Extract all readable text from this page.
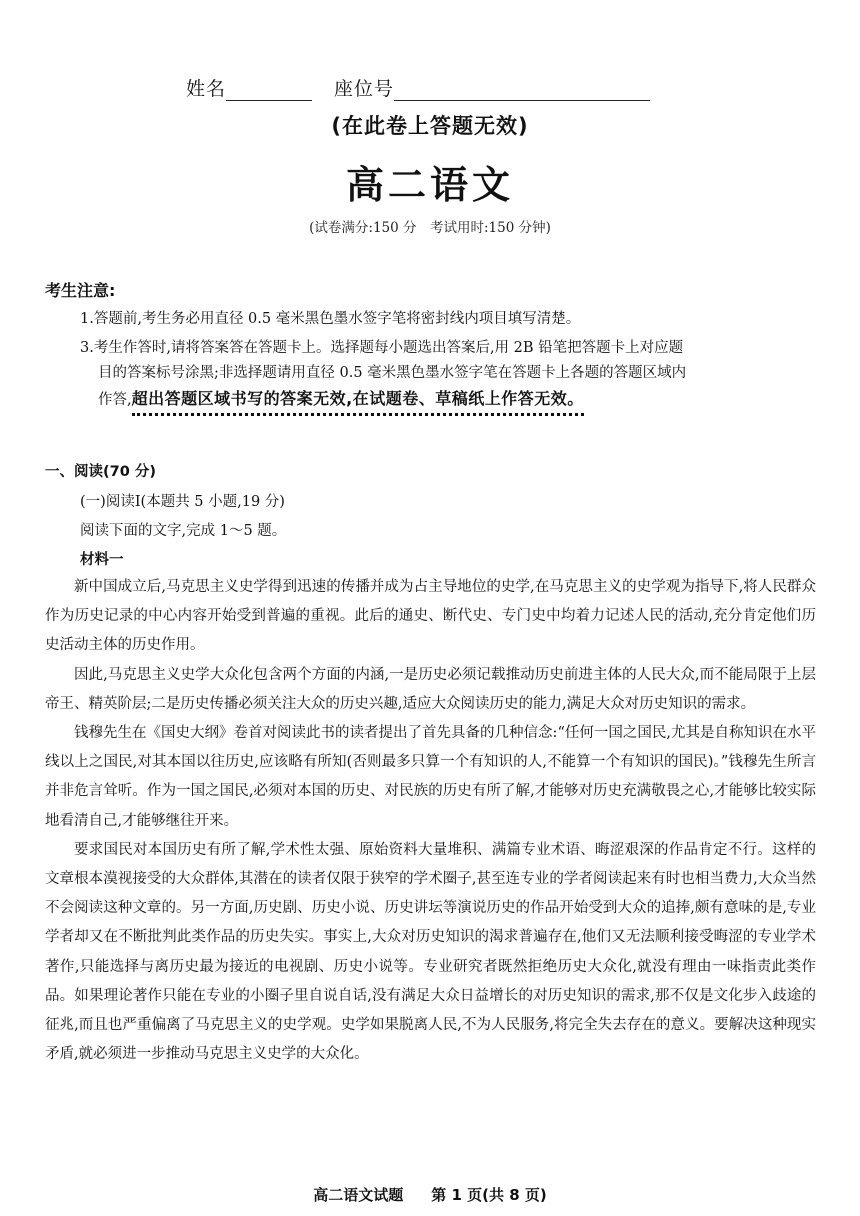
姓名	座位号
(在此卷上答题无效)
高二语文
(试卷满分:150 分　考试用时:150 分钟)
考生注意:
1.答题前,考生务必用直径 0.5 毫米黑色墨水签字笔将密封线内项目填写清楚。
3.考生作答时,请将答案答在答题卡上。选择题每小题选出答案后,用 2B 铅笔把答题卡上对应题
目的答案标号涂黑;非选择题请用直径 0.5 毫米黑色墨水签字笔在答题卡上各题的答题区域内
作答,超出答题区域书写的答案无效,在试题卷、草稿纸上作答无效。
一、阅读(70 分)
(一)阅读Ⅰ(本题共 5 小题,19 分)
阅读下面的文字,完成 1～5 题。
材料一

新中国成立后,马克思主义史学得到迅速的传播并成为占主导地位的史学,在马克思主义的史学观为指导下,将人民群众作为历史记录的中心内容开始受到普遍的重视。此后的通史、断代史、专门史中均着力记述人民的活动,充分肯定他们历史活动主体的历史作用。

因此,马克思主义史学大众化包含两个方面的内涵,一是历史必须记载推动历史前进主体的人民大众,而不能局限于上层帝王、精英阶层;二是历史传播必须关注大众的历史兴趣,适应大众阅读历史的能力,满足大众对历史知识的需求。

钱穆先生在《国史大纲》卷首对阅读此书的读者提出了首先具备的几种信念:“任何一国之国民,尤其是自称知识在水平线以上之国民,对其本国以往历史,应该略有所知(否则最多只算一个有知识的人,不能算一个有知识的国民)。”钱穆先生所言并非危言耸听。作为一国之国民,必须对本国的历史、对民族的历史有所了解,才能够对历史充满敬畏之心,才能够比较实际地看清自己,才能够继往开来。

要求国民对本国历史有所了解,学术性太强、原始资料大量堆积、满篇专业术语、晦涩艰深的作品肯定不行。这样的文章根本漠视接受的大众群体,其潜在的读者仅限于狭窄的学术圈子,甚至连专业的学者阅读起来有时也相当费力,大众当然不会阅读这种文章的。另一方面,历史剧、历史小说、历史讲坛等演说历史的作品开始受到大众的追捧,颇有意味的是,专业学者却又在不断批判此类作品的历史失实。事实上,大众对历史知识的渴求普遍存在,他们又无法顺利接受晦涩的专业学术著作,只能选择与离历史最为接近的电视剧、历史小说等。专业研究者既然拒绝历史大众化,就没有理由一味指责此类作品。如果理论著作只能在专业的小圈子里自说自话,没有满足大众日益增长的对历史知识的需求,那不仅是文化步入歧途的征兆,而且也严重偏离了马克思主义的史学观。史学如果脱离人民,不为人民服务,将完全失去存在的意义。要解决这种现实矛盾,就必须进一步推动马克思主义史学的大众化。

高二语文试题 第 1 页(共 8 页)
